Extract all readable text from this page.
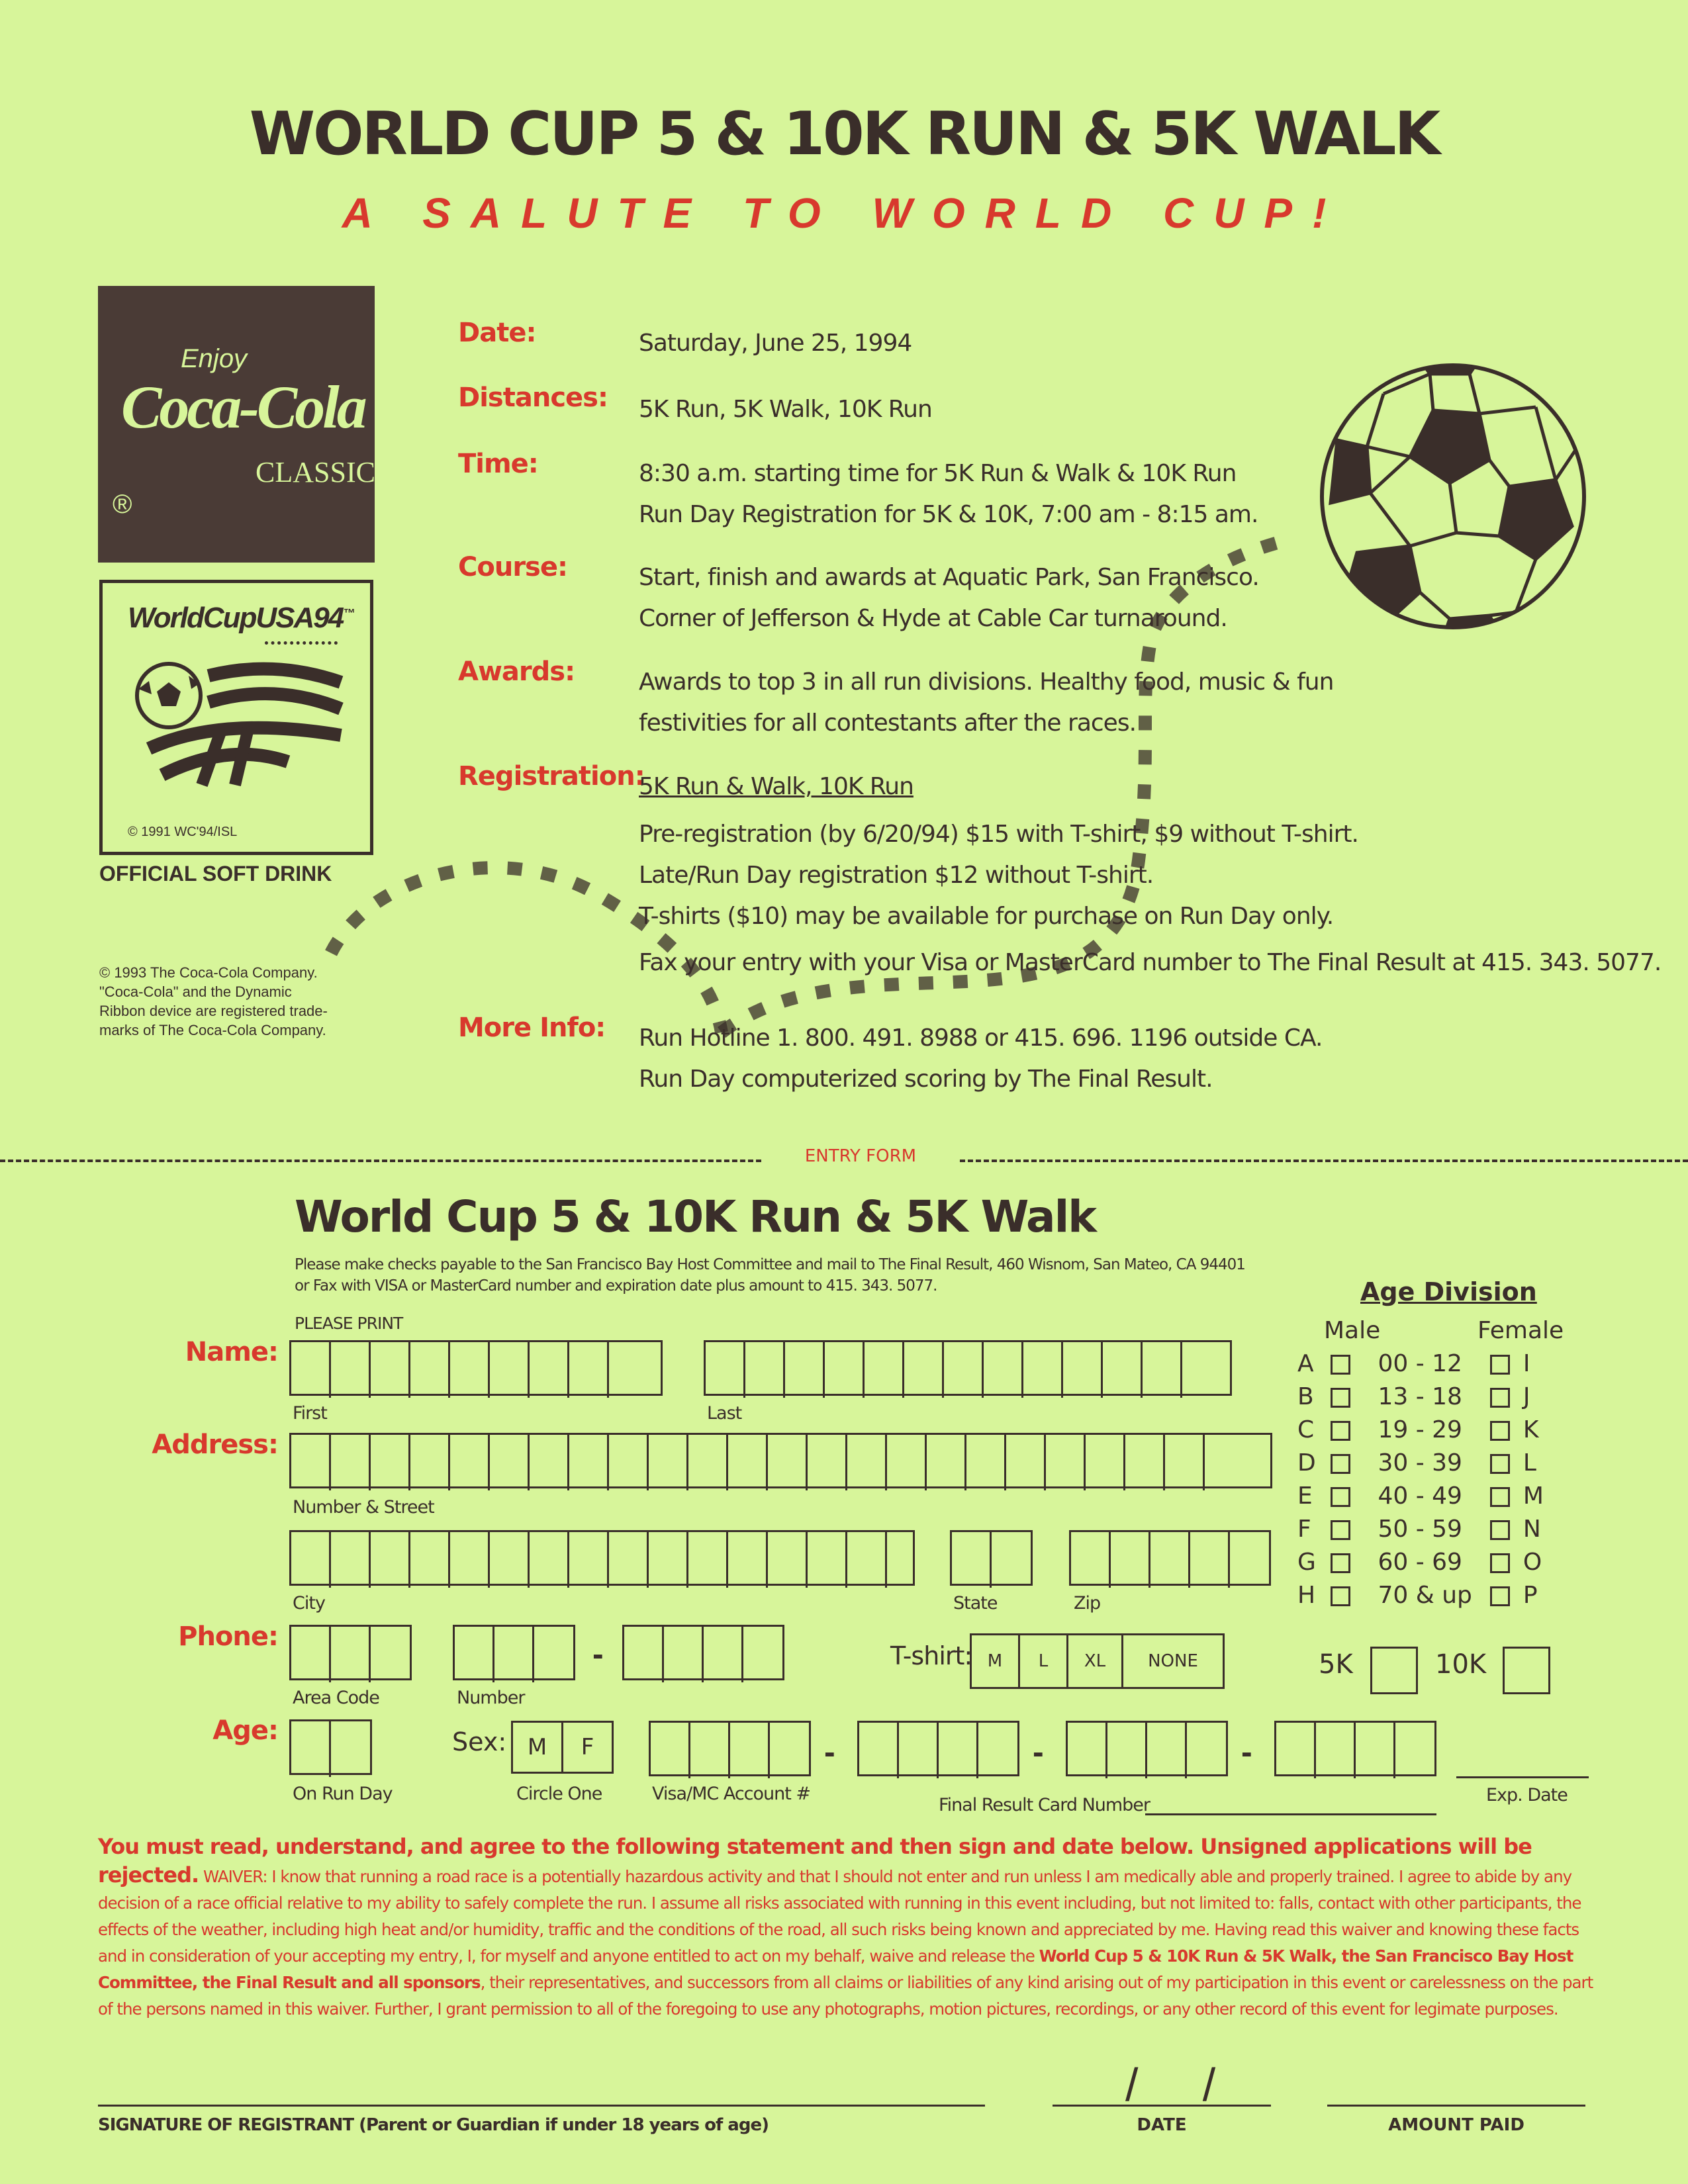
WORLD CUP 5 & 10K RUN & 5K WALK
A SALUTE TO WORLD CUP!
Enjoy
Coca-Cola
CLASSIC
®
WorldCupUSA94™
© 1991 WC'94/ISL
OFFICIAL SOFT DRINK
© 1993 The Coca-Cola Company.
"Coca-Cola" and the Dynamic
Ribbon device are registered trade-
marks of The Coca-Cola Company.
Date:	Saturday, June 25, 1994
Distances: 5K Run, 5K Walk, 10K Run
Time:	8:30 a.m. starting time for 5K Run & Walk & 10K Run
Run Day Registration for 5K & 10K, 7:00 am - 8:15 am.
Course:	Start, finish and awards at Aquatic Park, San Francisco.
Corner of Jefferson & Hyde at Cable Car turnaround.
Awards:	Awards to top 3 in all run divisions. Healthy food, music & fun
festivities for all contestants after the races.
Registration:
5K Run & Walk, 10K Run
Pre-registration (by 6/20/94) $15 with T-shirt, $9 without T-shirt.
Late/Run Day registration $12 without T-shirt.
T-shirts ($10) may be available for purchase on Run Day only.
Fax your entry with your Visa or MasterCard number to The Final Result at 415. 343. 5077.
More Info: Run Hotline 1. 800. 491. 8988 or 415. 696. 1196 outside CA.
Run Day computerized scoring by The Final Result.
ENTRY FORM
World Cup 5 & 10K Run & 5K Walk
Please make checks payable to the San Francisco Bay Host Committee and mail to The Final Result, 460 Wisnom, San Mateo, CA 94401
or Fax with VISA or MasterCard number and expiration date plus amount to 415. 343. 5077.
PLEASE PRINT
Name:
First	Last
Address:
Number & Street
City	State	Zip
Phone:	-
Area Code	Number
T-shirt: M	L	XL	NONE	5K	10K
Age:
On Run Day
Sex: M	F
Circle One
-	-	-
Visa/MC Account #
Final Result Card Number	Exp. Date
Age Division
Male	Female
A	00 - 12	I
B	13 - 18	J
C	19 - 29	K
D	30 - 39	L
E	40 - 49	M
F	50 - 59	N
G	60 - 69	O
H	70 & up P
You must read, understand, and agree to the following statement and then sign and date below. Unsigned applications will be rejected. WAIVER: I know that running a road race is a potentially hazardous activity and that I should not enter and run unless I am medically able and properly trained. I agree to abide by any decision of a race official relative to my ability to safely complete the run. I assume all risks associated with running in this event including, but not limited to: falls, contact with other participants, the effects of the weather, including high heat and/or humidity, traffic and the conditions of the road, all such risks being known and appreciated by me. Having read this waiver and knowing these facts and in consideration of your accepting my entry, I, for myself and anyone entitled to act on my behalf, waive and release the World Cup 5 & 10K Run & 5K Walk, the San Francisco Bay Host Committee, the Final Result and all sponsors, their representatives, and successors from all claims or liabilities of any kind arising out of my participation in this event or carelessness on the part of the persons named in this waiver. Further, I grant permission to all of the foregoing to use any photographs, motion pictures, recordings, or any other record of this event for legimate purposes.
SIGNATURE OF REGISTRANT (Parent or Guardian if under 18 years of age)
/     /
DATE	AMOUNT PAID
